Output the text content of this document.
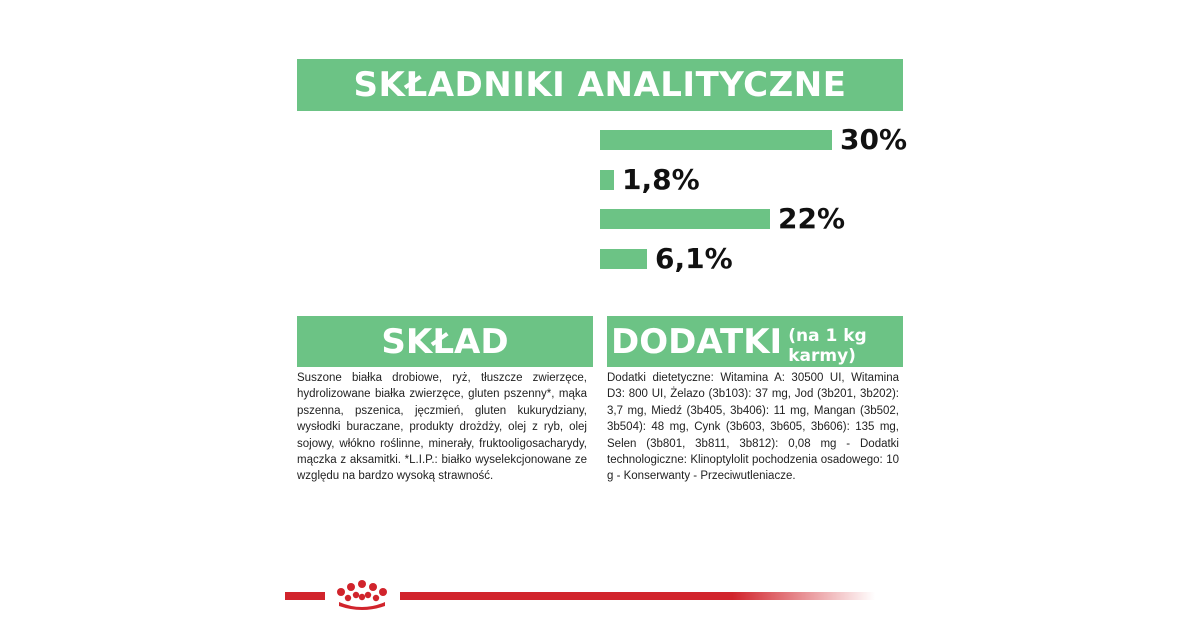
SKŁADNIKI ANALITYCZNE
30%
1,8%
22%
6,1%
SKŁAD
Suszone białka drobiowe, ryż, tłuszcze zwierzęce, hydrolizowane białka zwierzęce, gluten pszenny*, mąka pszenna, pszenica, jęczmień, gluten kukurydziany, wysłodki buraczane, produkty drożdży, olej z ryb, olej sojowy, włókno roślinne, minerały, fruktooligosacharydy, mączka z aksamitki. *L.I.P.: białko wyselekcjonowane ze względu na bardzo wysoką strawność.
DODATKI (na 1 kg karmy)
Dodatki dietetyczne: Witamina A: 30500 UI, Witamina D3: 800 UI, Żelazo (3b103): 37 mg, Jod (3b201, 3b202): 3,7 mg, Miedź (3b405, 3b406): 11 mg, Mangan (3b502, 3b504): 48 mg, Cynk (3b603, 3b605, 3b606): 135 mg, Selen (3b801, 3b811, 3b812): 0,08 mg - Dodatki technologiczne: Klinoptylolit pochodzenia osadowego: 10 g - Konserwanty - Przeciwutleniacze.
